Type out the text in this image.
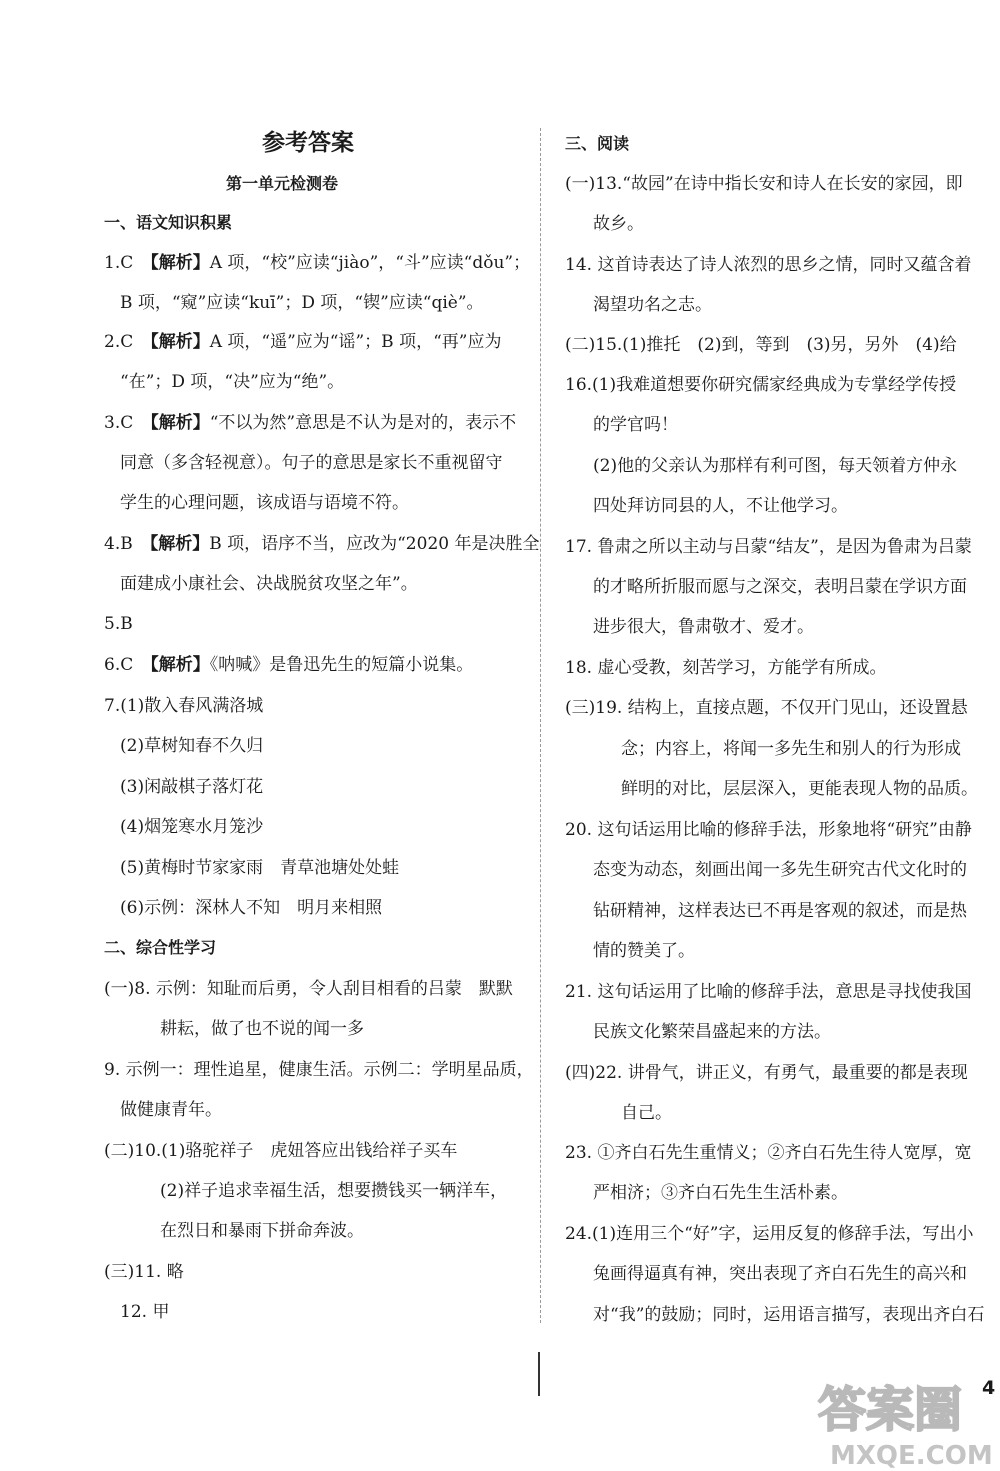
参考答案
第一单元检测卷
一、语文知识积累
1.C　 【解析】A 项，“校”应读“jiào”，“斗”应读“dǒu”；
B 项，“窥”应读“kuī”；D 项，“锲”应读“qiè”。
2.C　 【解析】A 项，“遥”应为“谣”；B 项，“再”应为
“在”；D 项，“决”应为“绝”。
3.C　 【解析】“不以为然”意思是不认为是对的，表示不
同意（多含轻视意）。句子的意思是家长不重视留守
学生的心理问题，该成语与语境不符。
4.B　 【解析】B 项，语序不当，应改为“2020 年是决胜全
面建成小康社会、决战脱贫攻坚之年”。
5.B
6.C　 【解析】《呐喊》是鲁迅先生的短篇小说集。
7.(1)散入春风满洛城
(2)草树知春不久归
(3)闲敲棋子落灯花
(4)烟笼寒水月笼沙
(5)黄梅时节家家雨　青草池塘处处蛙
(6)示例：深林人不知　明月来相照
二、综合性学习
(一)8. 示例：知耻而后勇，令人刮目相看的吕蒙　默默
耕耘，做了也不说的闻一多
9. 示例一：理性追星，健康生活。示例二：学明星品质，
做健康青年。
(二)10.(1)骆驼祥子　虎妞答应出钱给祥子买车
(2)祥子追求幸福生活，想要攒钱买一辆洋车，
在烈日和暴雨下拼命奔波。
(三)11. 略
12. 甲
三、阅读
(一)13.“故园”在诗中指长安和诗人在长安的家园，即
故乡。
14. 这首诗表达了诗人浓烈的思乡之情，同时又蕴含着
渴望功名之志。
(二)15.(1)推托　(2)到，等到　(3)另，另外　(4)给
16.(1)我难道想要你研究儒家经典成为专掌经学传授
的学官吗！
(2)他的父亲认为那样有利可图，每天领着方仲永
四处拜访同县的人，不让他学习。
17. 鲁肃之所以主动与吕蒙“结友”，是因为鲁肃为吕蒙
的才略所折服而愿与之深交，表明吕蒙在学识方面
进步很大，鲁肃敬才、爱才。
18. 虚心受教，刻苦学习，方能学有所成。
(三)19. 结构上，直接点题，不仅开门见山，还设置悬
念；内容上，将闻一多先生和别人的行为形成
鲜明的对比，层层深入，更能表现人物的品质。
20. 这句话运用比喻的修辞手法，形象地将“研究”由静
态变为动态，刻画出闻一多先生研究古代文化时的
钻研精神，这样表达已不再是客观的叙述，而是热
情的赞美了。
21. 这句话运用了比喻的修辞手法，意思是寻找使我国
民族文化繁荣昌盛起来的方法。
(四)22. 讲骨气，讲正义，有勇气，最重要的都是表现
自己。
23. ①齐白石先生重情义；②齐白石先生待人宽厚，宽
严相济；③齐白石先生生活朴素。
24.(1)连用三个“好”字，运用反复的修辞手法，写出小
兔画得逼真有神，突出表现了齐白石先生的高兴和
对“我”的鼓励；同时，运用语言描写，表现出齐白石
答案圈
MXQE.COM
4
